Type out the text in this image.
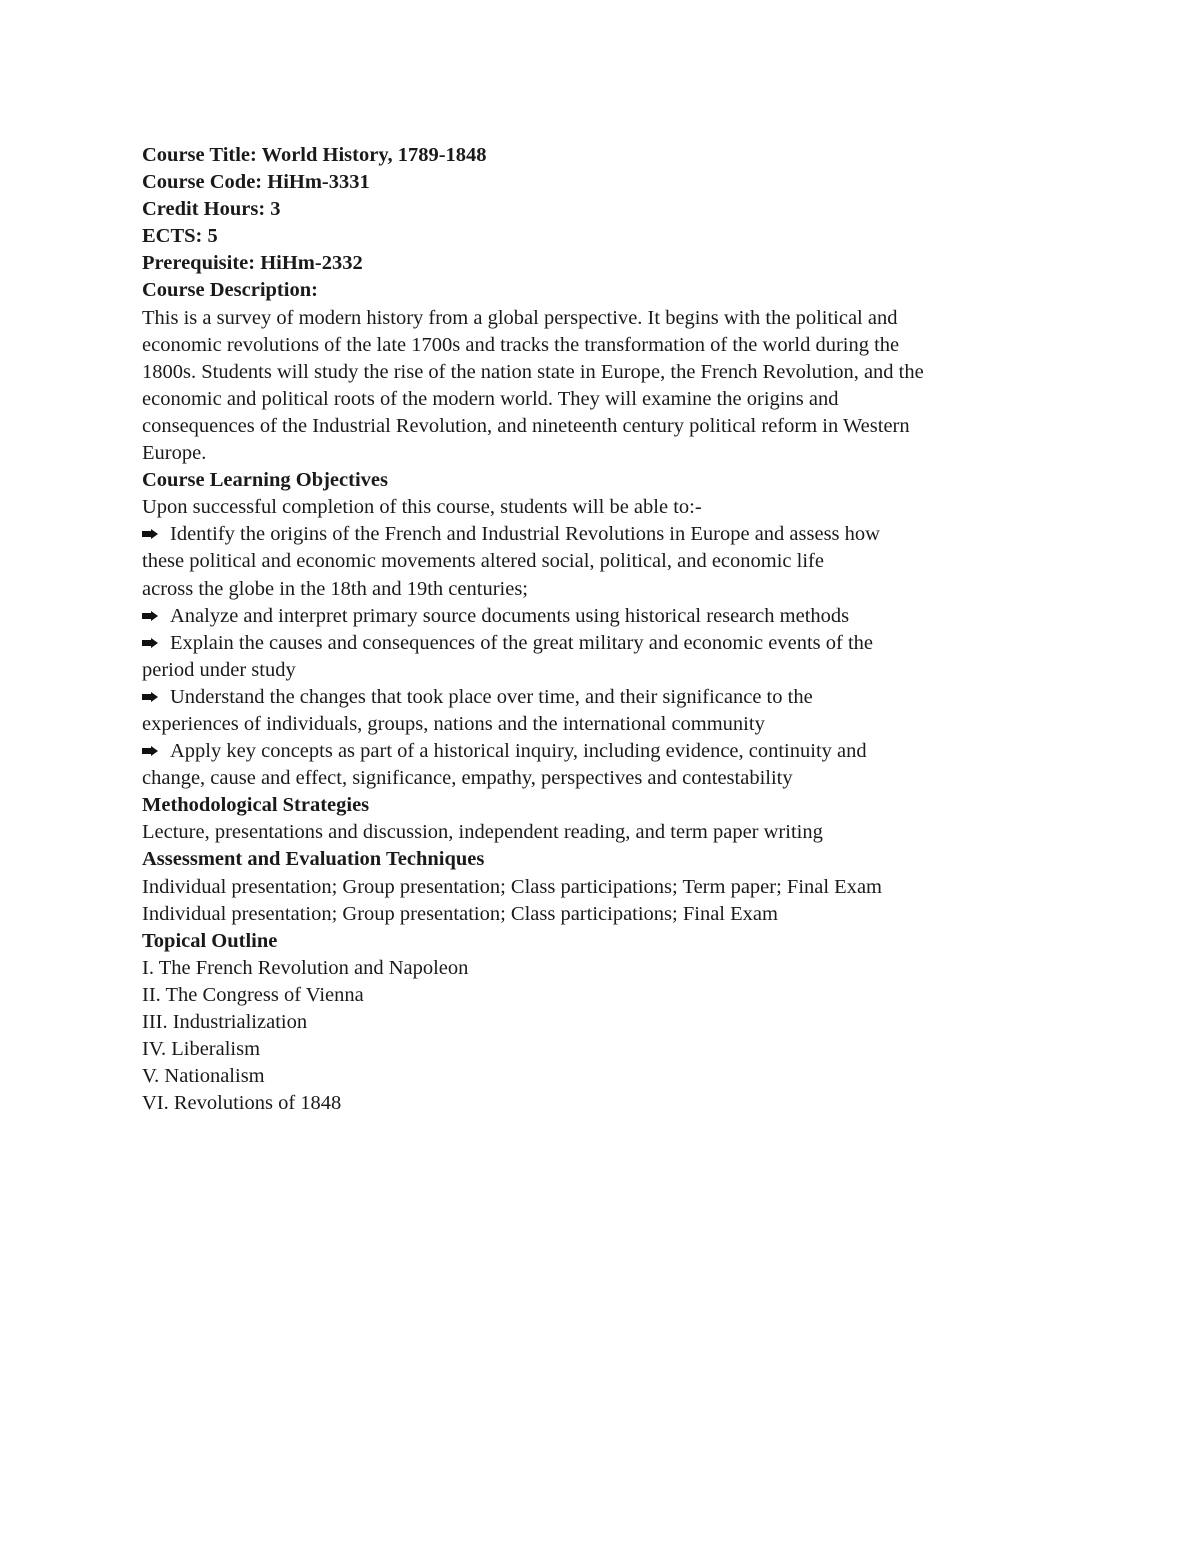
Course Title: World History, 1789-1848
Course Code: HiHm-3331
Credit Hours: 3
ECTS: 5
Prerequisite: HiHm-2332
Course Description:
This is a survey of modern history from a global perspective. It begins with the political and
economic revolutions of the late 1700s and tracks the transformation of the world during the
1800s. Students will study the rise of the nation state in Europe, the French Revolution, and the
economic and political roots of the modern world. They will examine the origins and
consequences of the Industrial Revolution, and nineteenth century political reform in Western
Europe.
Course Learning Objectives
Upon successful completion of this course, students will be able to:-
Identify the origins of the French and Industrial Revolutions in Europe and assess how
these political and economic movements altered social, political, and economic life
across the globe in the 18th and 19th centuries;
Analyze and interpret primary source documents using historical research methods
Explain the causes and consequences of the great military and economic events of the
period under study
Understand the changes that took place over time, and their significance to the
experiences of individuals, groups, nations and the international community
Apply key concepts as part of a historical inquiry, including evidence, continuity and
change, cause and effect, significance, empathy, perspectives and contestability
Methodological Strategies
Lecture, presentations and discussion, independent reading, and term paper writing
Assessment and Evaluation Techniques
Individual presentation; Group presentation; Class participations; Term paper; Final Exam
Individual presentation; Group presentation; Class participations; Final Exam
Topical Outline
I. The French Revolution and Napoleon
II. The Congress of Vienna
III. Industrialization
IV. Liberalism
V. Nationalism
VI. Revolutions of 1848
